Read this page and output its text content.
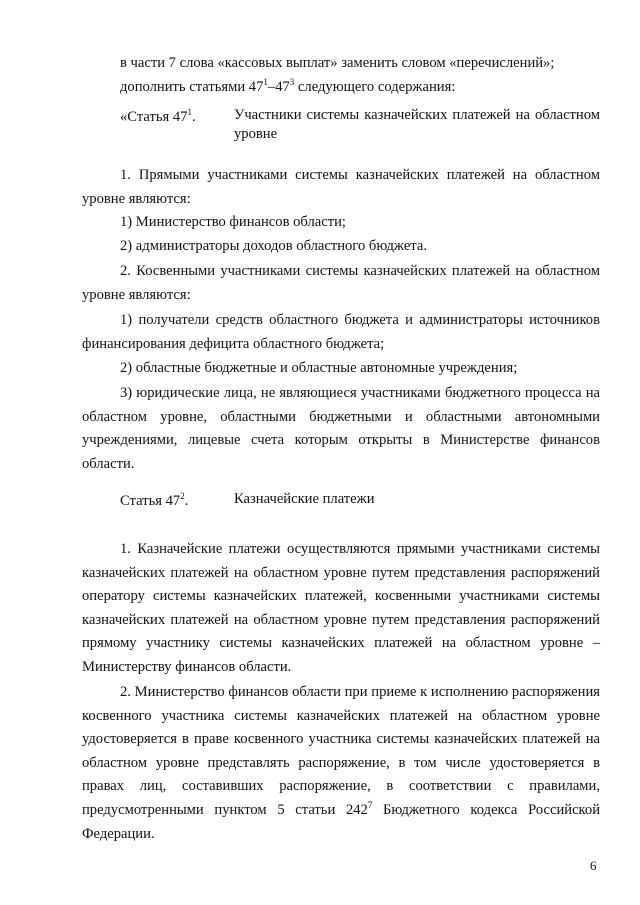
в части 7 слова «кассовых выплат» заменить словом «перечислений»;

дополнить статьями $47^1-47^3$ следующего содержания:

«Статья $47^1$.	Участники системы казначейских платежей на областном уровне

1. Прямыми участниками системы казначейских платежей на областном уровне являются:

1) Министерство финансов области;

2) администраторы доходов областного бюджета.

2. Косвенными участниками системы казначейских платежей на областном уровне являются:

1) получатели средств областного бюджета и администраторы источников финансирования дефицита областного бюджета;

2) областные бюджетные и областные автономные учреждения;

3) юридические лица, не являющиеся участниками бюджетного процесса на областном уровне, областными бюджетными и областными автономными учреждениями, лицевые счета которым открыты в Министерстве финансов области.

Статья $47^2$.	Казначейские платежи

1. Казначейские платежи осуществляются прямыми участниками системы казначейских платежей на областном уровне путем представления распоряжений оператору системы казначейских платежей, косвенными участниками системы казначейских платежей на областном уровне путем представления распоряжений прямому участнику системы казначейских платежей на областном уровне – Министерству финансов области.

2. Министерство финансов области при приеме к исполнению распоряжения косвенного участника системы казначейских платежей на областном уровне удостоверяется в праве косвенного участника системы казначейских платежей на областном уровне представлять распоряжение, в том числе удостоверяется в правах лиц, составивших распоряжение, в соответствии с правилами, предусмотренными пунктом 5 статьи $242^7$ Бюджетного кодекса Российской Федерации.

6
